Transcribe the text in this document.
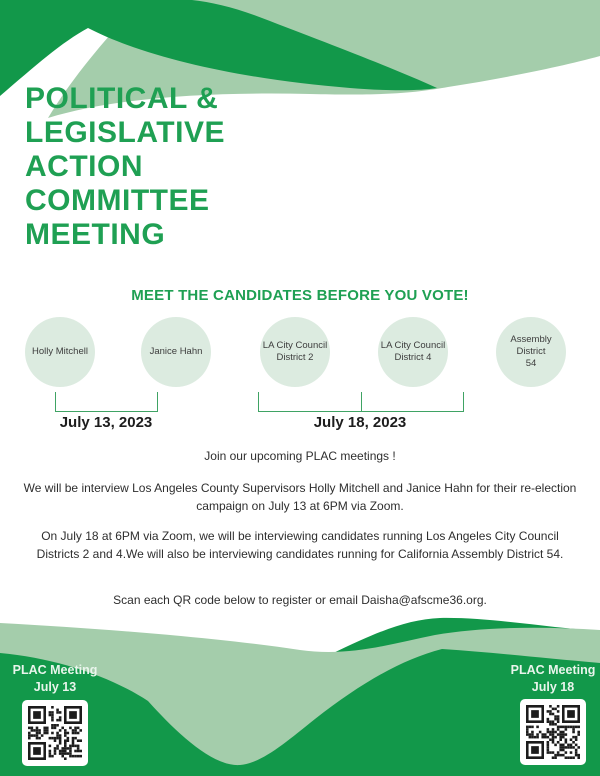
POLITICAL &
LEGISLATIVE
ACTION
COMMITTEE
MEETING
MEET THE CANDIDATES BEFORE YOU VOTE!
Holly Mitchell	Janice Hahn
LA City Council
District 2
LA City Council
District 4
Assembly District
54
July 13, 2023	July 18, 2023
Join our upcoming PLAC meetings !
We will be interview Los Angeles County Supervisors Holly Mitchell and Janice Hahn for their re-election campaign on July 13 at 6PM via Zoom.
On July 18 at 6PM via Zoom, we will be interviewing candidates running Los Angeles City Council Districts 2 and 4.We will also be interviewing candidates running for California Assembly District 54.
Scan each QR code below to register or email Daisha@afscme36.org.
PLAC Meeting
July 13
PLAC Meeting
July 18
